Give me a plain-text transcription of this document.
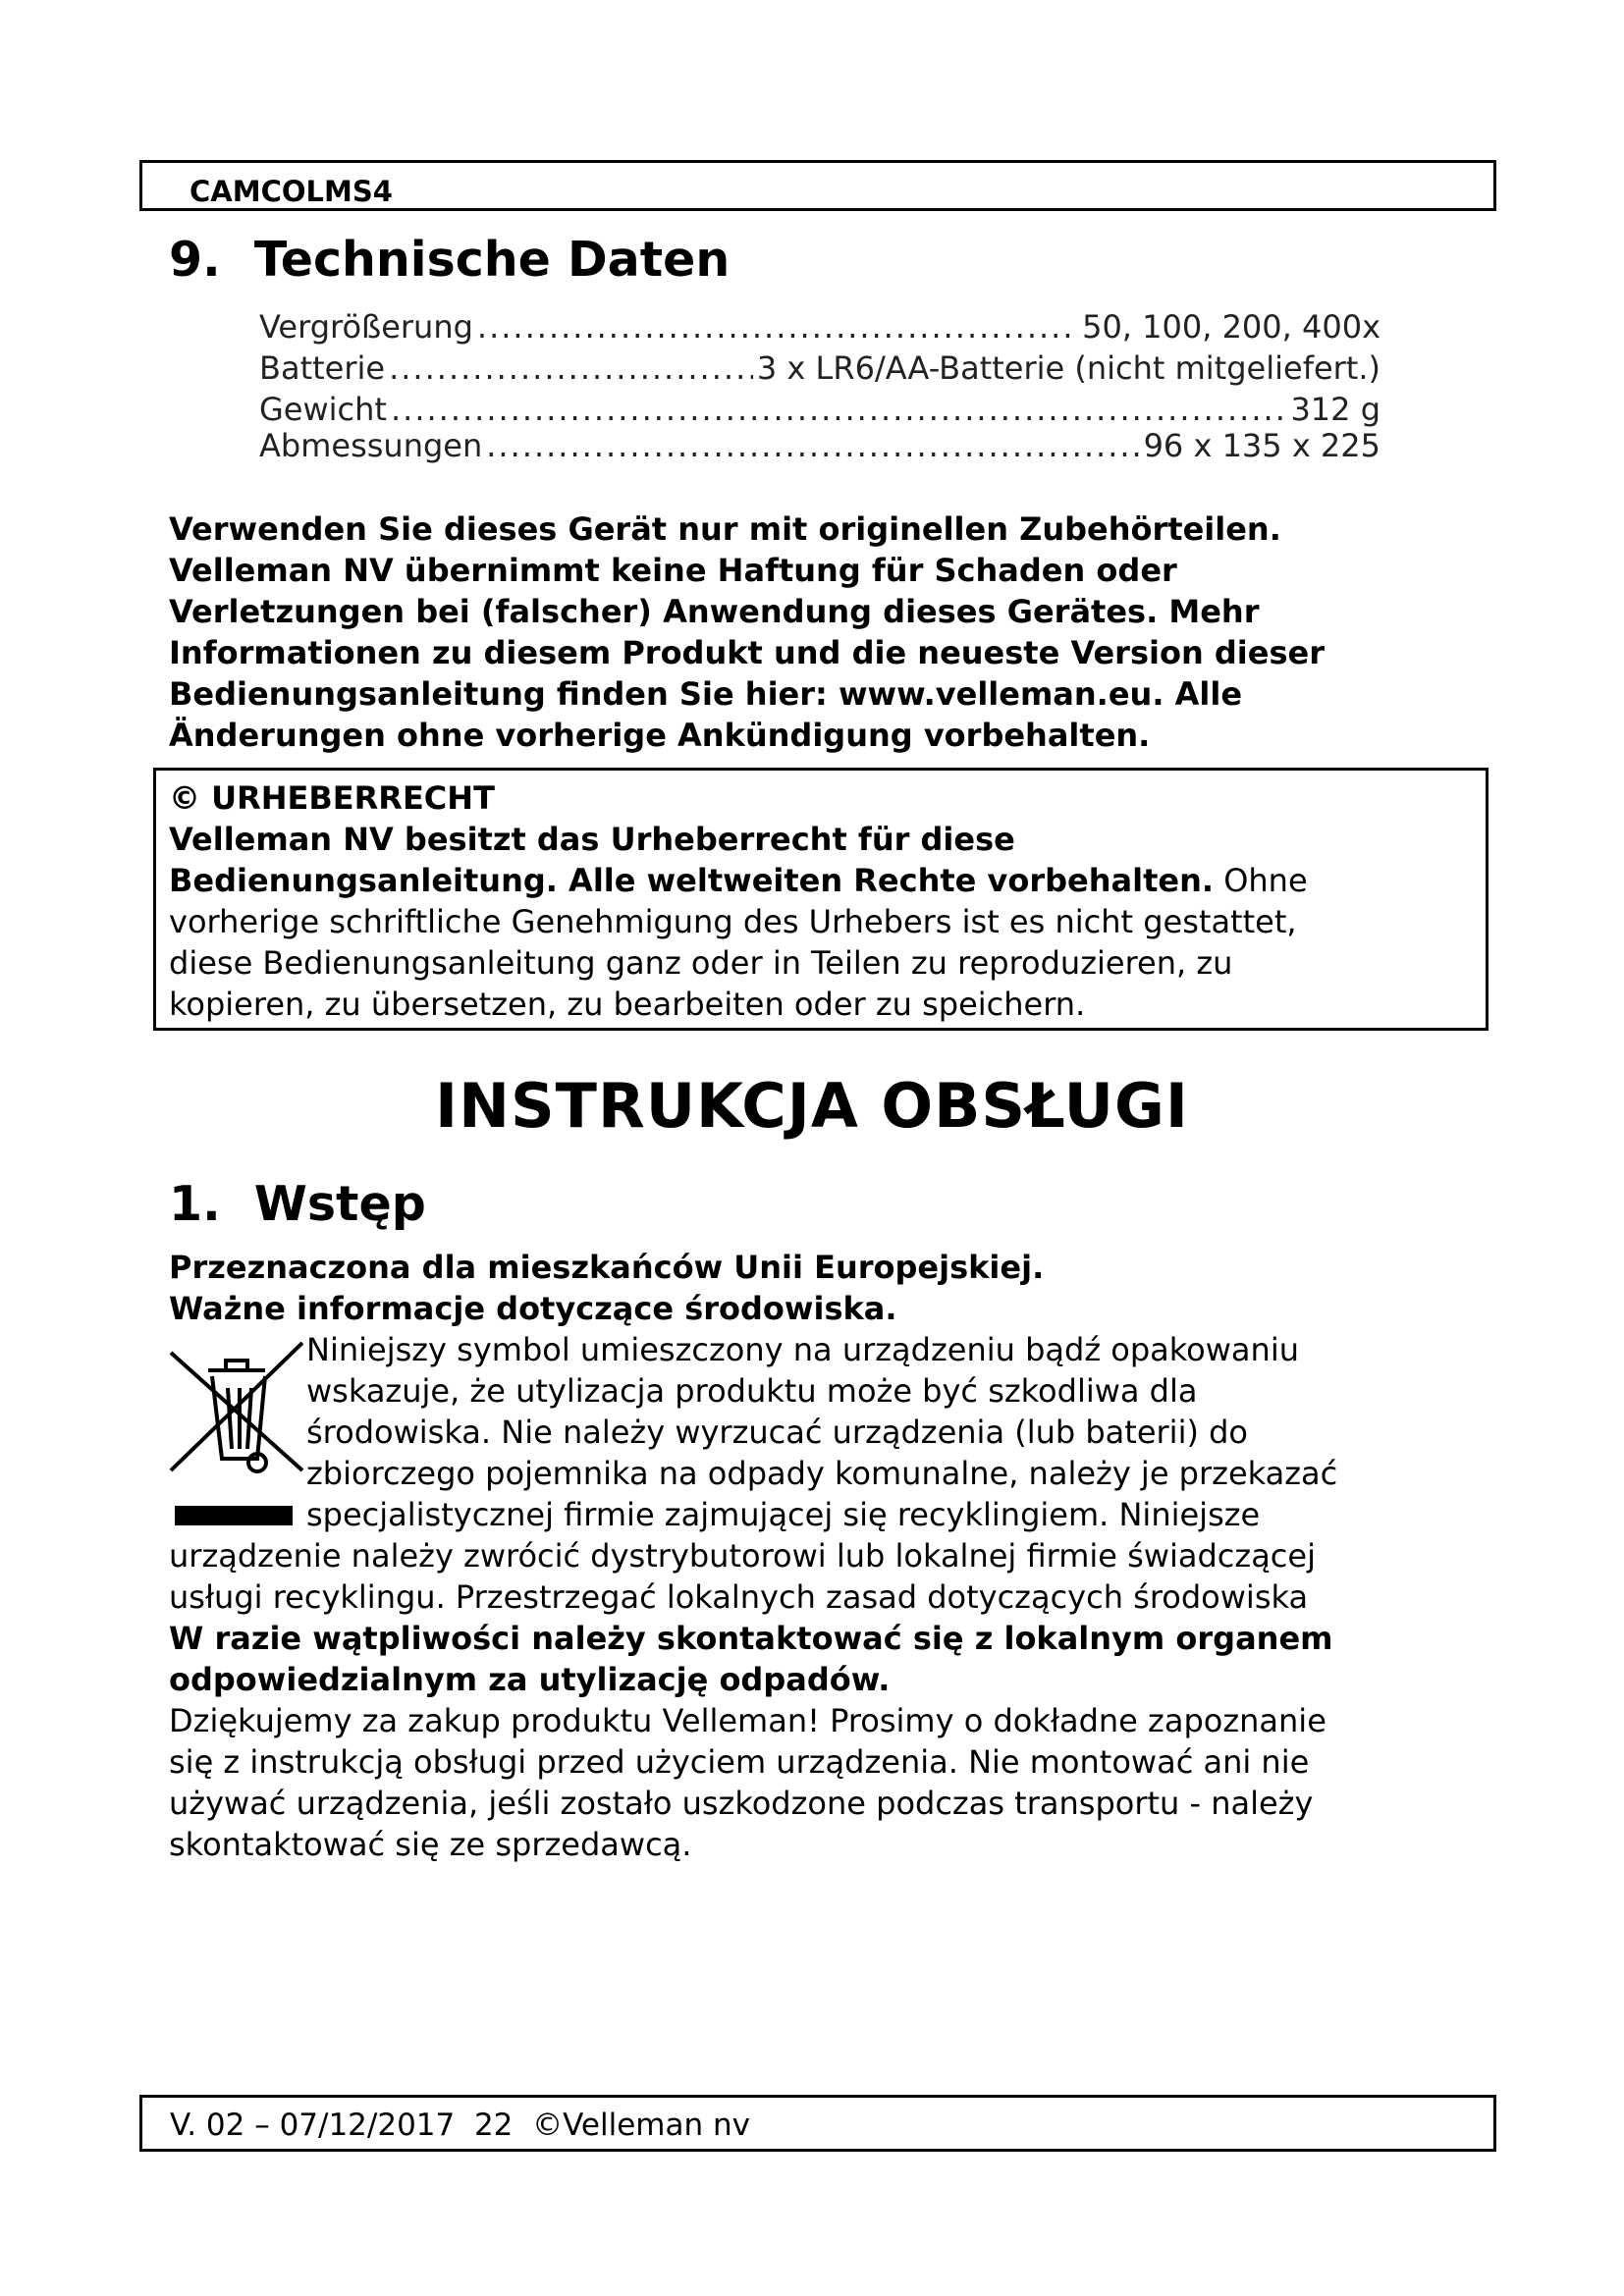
CAMCOLMS4
9.  Technische Daten
Vergrößerung .....	50, 100, 200, 400x
Batterie .....	3 x LR6/AA-Batterie (nicht mitgeliefert.)
Gewicht .....	312 g
Abmessungen .....	96 x 135 x 225
Verwenden Sie dieses Gerät nur mit originellen Zubehörteilen.
Velleman NV übernimmt keine Haftung für Schaden oder
Verletzungen bei (falscher) Anwendung dieses Gerätes. Mehr
Informationen zu diesem Produkt und die neueste Version dieser
Bedienungsanleitung finden Sie hier: www.velleman.eu. Alle
Änderungen ohne vorherige Ankündigung vorbehalten.
© URHEBERRECHT
Velleman NV besitzt das Urheberrecht für diese
Bedienungsanleitung. Alle weltweiten Rechte vorbehalten. Ohne
vorherige schriftliche Genehmigung des Urhebers ist es nicht gestattet,
diese Bedienungsanleitung ganz oder in Teilen zu reproduzieren, zu
kopieren, zu übersetzen, zu bearbeiten oder zu speichern.
INSTRUKCJA OBSŁUGI
1.  Wstęp
Przeznaczona dla mieszkańców Unii Europejskiej.
Ważne informacje dotyczące środowiska.
Niniejszy symbol umieszczony na urządzeniu bądź opakowaniu
wskazuje, że utylizacja produktu może być szkodliwa dla
środowiska. Nie należy wyrzucać urządzenia (lub baterii) do
zbiorczego pojemnika na odpady komunalne, należy je przekazać
specjalistycznej firmie zajmującej się recyklingiem. Niniejsze
urządzenie należy zwrócić dystrybutorowi lub lokalnej firmie świadczącej
usługi recyklingu. Przestrzegać lokalnych zasad dotyczących środowiska
W razie wątpliwości należy skontaktować się z lokalnym organem
odpowiedzialnym za utylizację odpadów.
Dziękujemy za zakup produktu Velleman! Prosimy o dokładne zapoznanie
się z instrukcją obsługi przed użyciem urządzenia. Nie montować ani nie
używać urządzenia, jeśli zostało uszkodzone podczas transportu - należy
skontaktować się ze sprzedawcą.
V. 02 – 07/12/2017  22  ©Velleman nv
